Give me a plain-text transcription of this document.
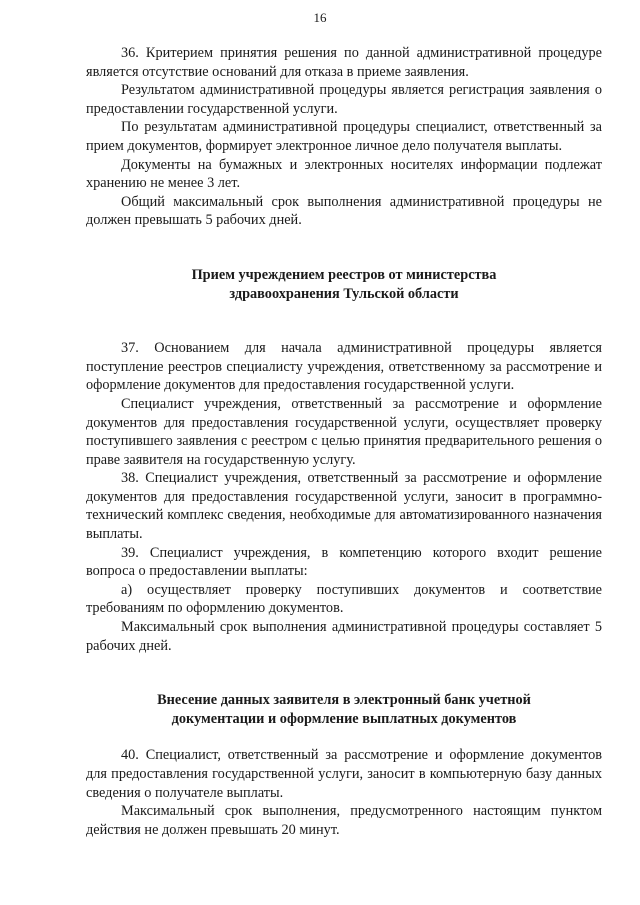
16

36. Критерием принятия решения по данной административной процедуре является отсутствие оснований для отказа в приеме заявления.

Результатом административной процедуры является регистрация заявления о предоставлении государственной услуги.

По результатам административной процедуры специалист, ответственный за прием документов, формирует электронное личное дело получателя выплаты.

Документы на бумажных и электронных носителях информации подлежат хранению не менее 3 лет.

Общий максимальный срок выполнения административной процедуры не должен превышать 5 рабочих дней.

Прием учреждением реестров от министерства

здравоохранения Тульской области

37. Основанием для начала административной процедуры является поступление реестров специалисту учреждения, ответственному за рассмотрение и оформление документов для предоставления государственной услуги.

Специалист учреждения, ответственный за рассмотрение и оформление документов для предоставления государственной услуги, осуществляет проверку поступившего заявления с реестром с целью принятия предварительного решения о праве заявителя на государственную услугу.

38. Специалист учреждения, ответственный за рассмотрение и оформление документов для предоставления государственной услуги, заносит в программно-технический комплекс сведения, необходимые для автоматизированного назначения выплаты.

39. Специалист учреждения, в компетенцию которого входит решение вопроса о предоставлении выплаты:

а) осуществляет проверку поступивших документов и соответствие требованиям по оформлению документов.

Максимальный срок выполнения административной процедуры составляет 5 рабочих дней.

Внесение данных заявителя в электронный банк учетной

документации и оформление выплатных документов

40. Специалист, ответственный за рассмотрение и оформление документов для предоставления государственной услуги, заносит в компьютерную базу данных сведения о получателе выплаты.

Максимальный срок выполнения, предусмотренного настоящим пунктом действия не должен превышать 20 минут.
